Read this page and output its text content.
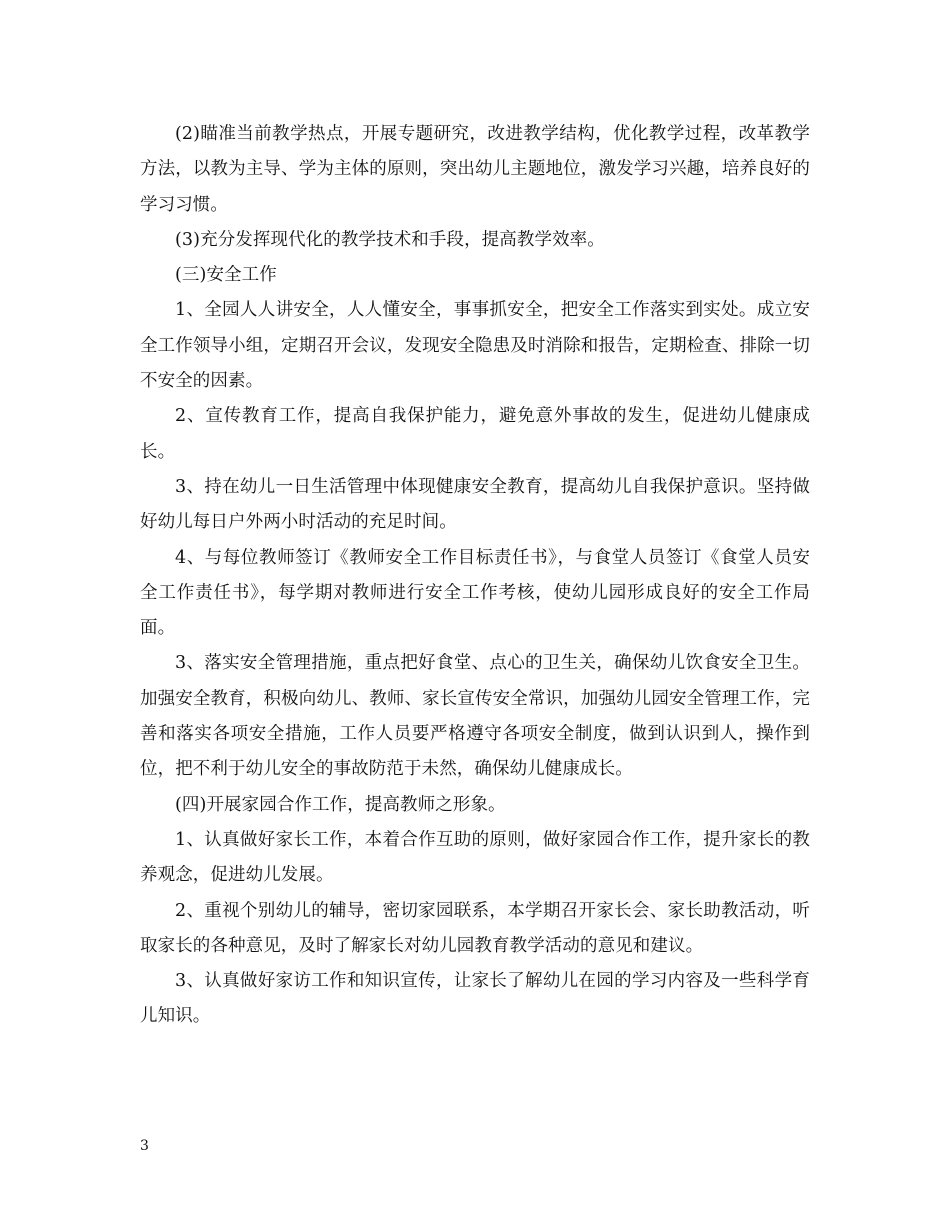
(2)瞄准当前教学热点，开展专题研究，改进教学结构，优化教学过程，改革教学方法，以教为主导、学为主体的原则，突出幼儿主题地位，激发学习兴趣，培养良好的学习习惯。

(3)充分发挥现代化的教学技术和手段，提高教学效率。

(三)安全工作

1、全园人人讲安全，人人懂安全，事事抓安全，把安全工作落实到实处。成立安全工作领导小组，定期召开会议，发现安全隐患及时消除和报告，定期检查、排除一切不安全的因素。

2、宣传教育工作，提高自我保护能力，避免意外事故的发生，促进幼儿健康成长。

3、持在幼儿一日生活管理中体现健康安全教育，提高幼儿自我保护意识。坚持做好幼儿每日户外两小时活动的充足时间。

4、与每位教师签订《教师安全工作目标责任书》，与食堂人员签订《食堂人员安全工作责任书》，每学期对教师进行安全工作考核，使幼儿园形成良好的安全工作局面。

3、落实安全管理措施，重点把好食堂、点心的卫生关，确保幼儿饮食安全卫生。加强安全教育，积极向幼儿、教师、家长宣传安全常识，加强幼儿园安全管理工作，完善和落实各项安全措施，工作人员要严格遵守各项安全制度，做到认识到人，操作到位，把不利于幼儿安全的事故防范于未然，确保幼儿健康成长。

(四)开展家园合作工作，提高教师之形象。

1、认真做好家长工作，本着合作互助的原则，做好家园合作工作，提升家长的教养观念，促进幼儿发展。

2、重视个别幼儿的辅导，密切家园联系，本学期召开家长会、家长助教活动，听取家长的各种意见，及时了解家长对幼儿园教育教学活动的意见和建议。

3、认真做好家访工作和知识宣传，让家长了解幼儿在园的学习内容及一些科学育儿知识。

3
